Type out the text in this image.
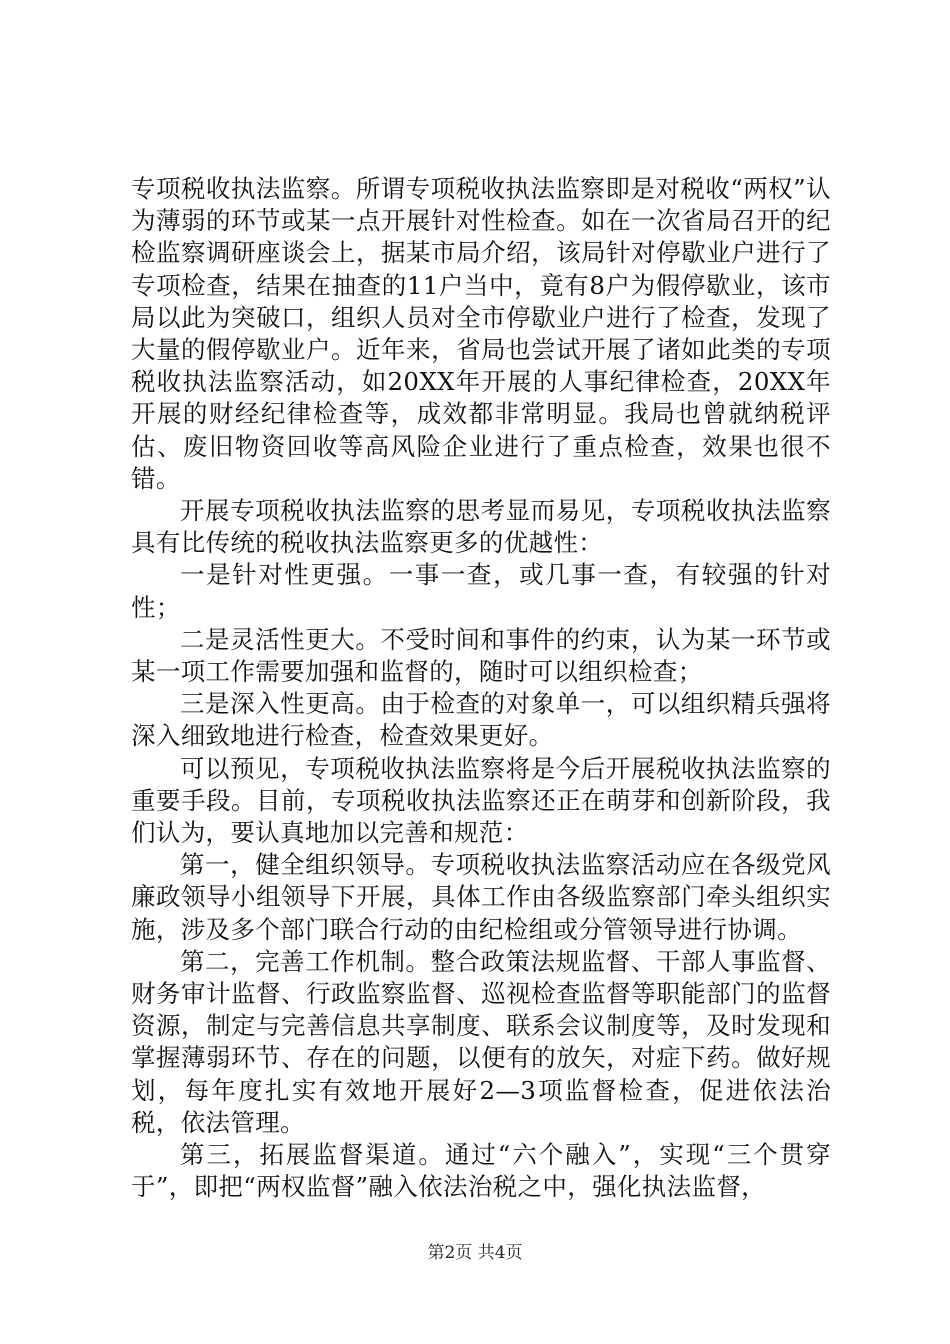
专项税收执法监察。所谓专项税收执法监察即是对税收“两权”认为薄弱的环节或某一点开展针对性检查。如在一次省局召开的纪检监察调研座谈会上，据某市局介绍，该局针对停歇业户进行了专项检查，结果在抽查的11户当中，竟有8户为假停歇业，该市局以此为突破口，组织人员对全市停歇业户进行了检查，发现了大量的假停歇业户。近年来，省局也尝试开展了诸如此类的专项税收执法监察活动，如20XX年开展的人事纪律检查，20XX年开展的财经纪律检查等，成效都非常明显。我局也曾就纳税评估、废旧物资回收等高风险企业进行了重点检查，效果也很不错。

开展专项税收执法监察的思考显而易见，专项税收执法监察具有比传统的税收执法监察更多的优越性：

一是针对性更强。一事一查，或几事一查，有较强的针对性；

二是灵活性更大。不受时间和事件的约束，认为某一环节或某一项工作需要加强和监督的，随时可以组织检查；

三是深入性更高。由于检查的对象单一，可以组织精兵强将深入细致地进行检查，检查效果更好。

可以预见，专项税收执法监察将是今后开展税收执法监察的重要手段。目前，专项税收执法监察还正在萌芽和创新阶段，我们认为，要认真地加以完善和规范：

第一，健全组织领导。专项税收执法监察活动应在各级党风廉政领导小组领导下开展，具体工作由各级监察部门牵头组织实施，涉及多个部门联合行动的由纪检组或分管领导进行协调。

第二，完善工作机制。整合政策法规监督、干部人事监督、财务审计监督、行政监察监督、巡视检查监督等职能部门的监督资源，制定与完善信息共享制度、联系会议制度等，及时发现和掌握薄弱环节、存在的问题，以便有的放矢，对症下药。做好规划，每年度扎实有效地开展好2—3项监督检查，促进依法治税，依法管理。

第三，拓展监督渠道。通过“六个融入”，实现“三个贯穿于”，即把“两权监督”融入依法治税之中，强化执法监督，

第2页 共4页
